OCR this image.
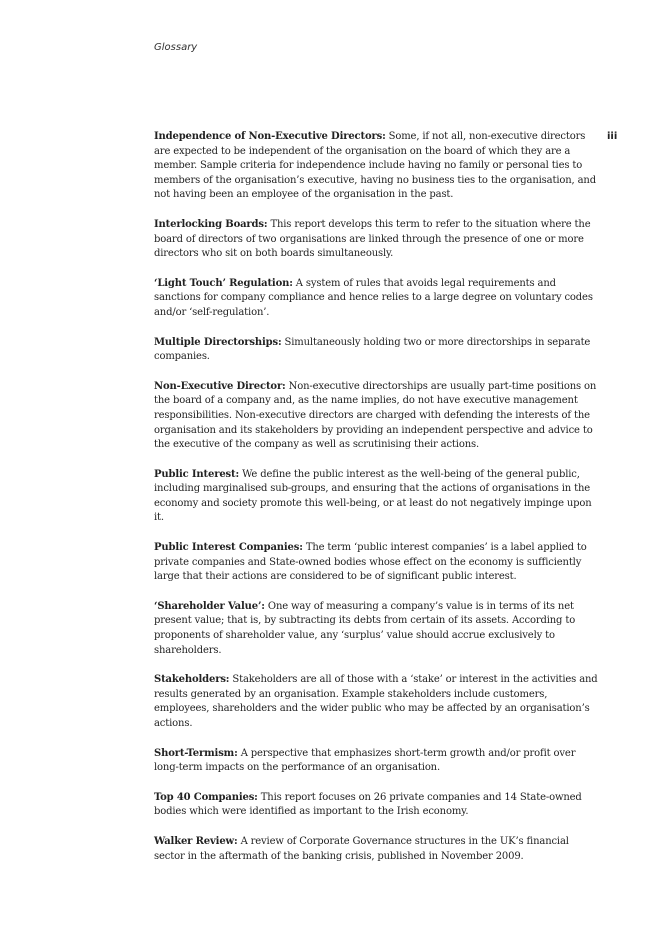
Glossary
iii

Independence of Non-Executive Directors: Some, if not all, non-executive directors are expected to be independent of the organisation on the board of which they are a member. Sample criteria for independence include having no family or personal ties to members of the organisation’s executive, having no business ties to the organisation, and not having been an employee of the organisation in the past.

Interlocking Boards: This report develops this term to refer to the situation where the board of directors of two organisations are linked through the presence of one or more directors who sit on both boards simultaneously.

‘Light Touch’ Regulation: A system of rules that avoids legal requirements and sanctions for company compliance and hence relies to a large degree on voluntary codes and/or ‘self-regulation’.

Multiple Directorships: Simultaneously holding two or more directorships in separate companies.

Non-Executive Director: Non-executive directorships are usually part-time positions on the board of a company and, as the name implies, do not have executive management responsibilities. Non-executive directors are charged with defending the interests of the organisation and its stakeholders by providing an independent perspective and advice to the executive of the company as well as scrutinising their actions.

Public Interest: We define the public interest as the well-being of the general public, including marginalised sub-groups, and ensuring that the actions of organisations in the economy and society promote this well-being, or at least do not negatively impinge upon it.

Public Interest Companies: The term ‘public interest companies’ is a label applied to private companies and State-owned bodies whose effect on the economy is sufficiently large that their actions are considered to be of significant public interest.

‘Shareholder Value’: One way of measuring a company’s value is in terms of its net present value; that is, by subtracting its debts from certain of its assets. According to proponents of shareholder value, any ‘surplus’ value should accrue exclusively to shareholders.

Stakeholders: Stakeholders are all of those with a ‘stake’ or interest in the activities and results generated by an organisation. Example stakeholders include customers, employees, shareholders and the wider public who may be affected by an organisation’s actions.

Short-Termism: A perspective that emphasizes short-term growth and/or profit over long-term impacts on the performance of an organisation.

Top 40 Companies: This report focuses on 26 private companies and 14 State-owned bodies which were identified as important to the Irish economy.

Walker Review: A review of Corporate Governance structures in the UK’s financial sector in the aftermath of the banking crisis, published in November 2009.
